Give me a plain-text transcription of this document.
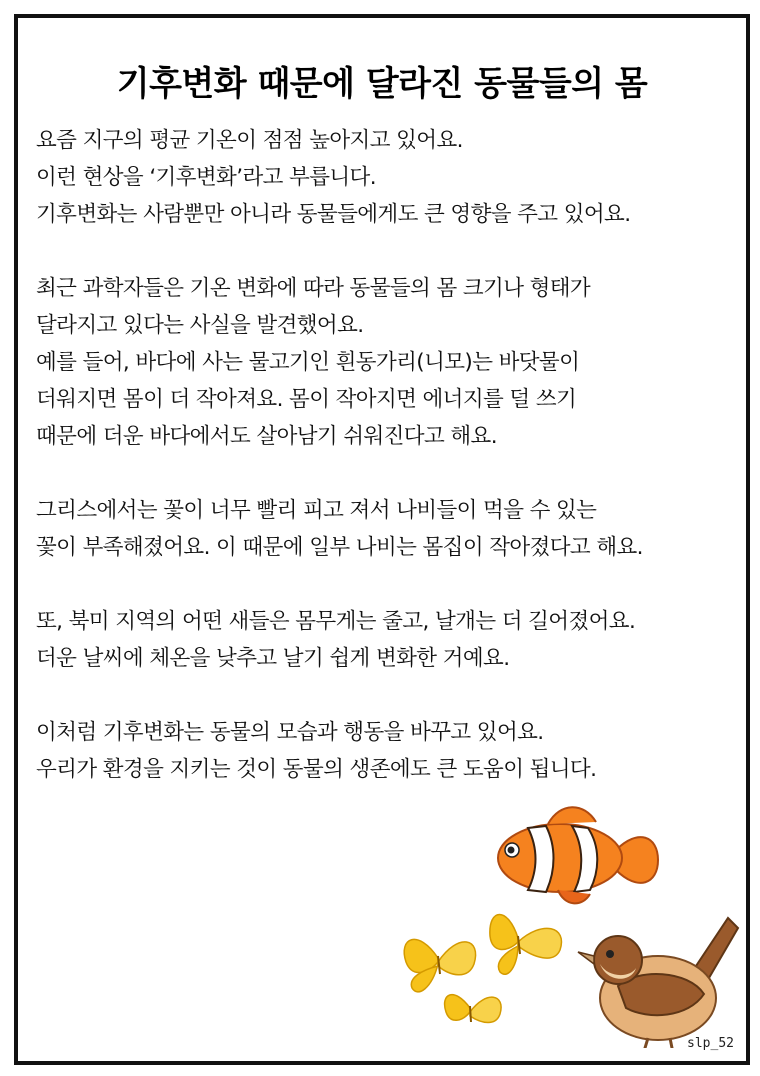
기후변화 때문에 달라진 동물들의 몸

요즘 지구의 평균 기온이 점점 높아지고 있어요.
이런 현상을 ‘기후변화’라고 부릅니다.
기후변화는 사람뿐만 아니라 동물들에게도 큰 영향을 주고 있어요.

최근 과학자들은 기온 변화에 따라 동물들의 몸 크기나 형태가
달라지고 있다는 사실을 발견했어요.
예를 들어, 바다에 사는 물고기인 흰동가리(니모)는 바닷물이
더워지면 몸이 더 작아져요. 몸이 작아지면 에너지를 덜 쓰기
때문에 더운 바다에서도 살아남기 쉬워진다고 해요.

그리스에서는 꽃이 너무 빨리 피고 져서 나비들이 먹을 수 있는
꽃이 부족해졌어요. 이 때문에 일부 나비는 몸집이 작아졌다고 해요.

또, 북미 지역의 어떤 새들은 몸무게는 줄고, 날개는 더 길어졌어요.
더운 날씨에 체온을 낮추고 날기 쉽게 변화한 거예요.

이처럼 기후변화는 동물의 모습과 행동을 바꾸고 있어요.
우리가 환경을 지키는 것이 동물의 생존에도 큰 도움이 됩니다.

slp_52
